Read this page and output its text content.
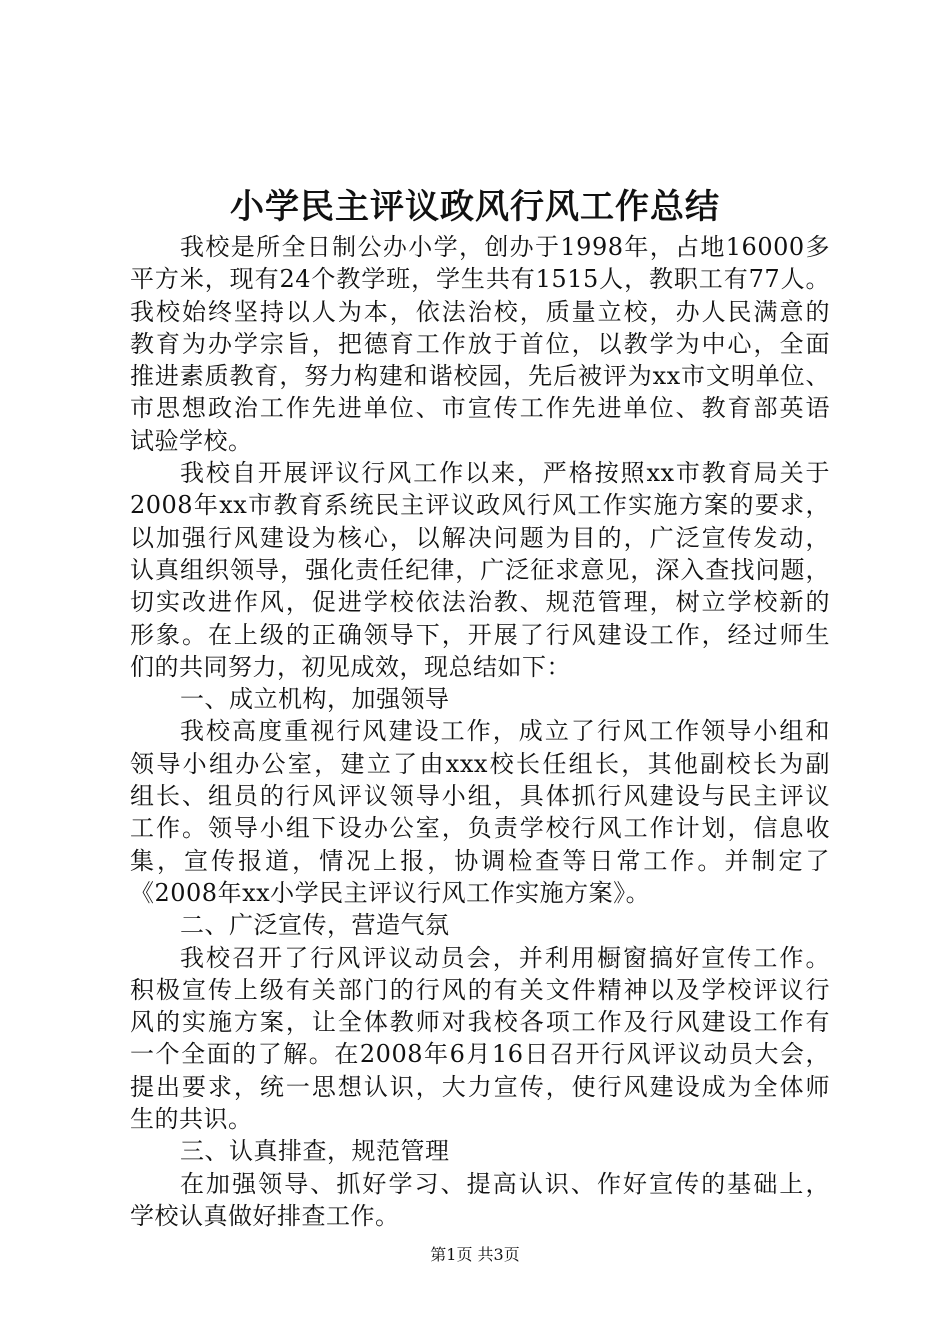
小学民主评议政风行风工作总结
我校是所全日制公办小学，创办于1998年，占地16000多
平方米，现有24个教学班，学生共有1515人，教职工有77人。
我校始终坚持以人为本，依法治校，质量立校，办人民满意的
教育为办学宗旨，把德育工作放于首位，以教学为中心，全面
推进素质教育，努力构建和谐校园，先后被评为xx市文明单位、
市思想政治工作先进单位、市宣传工作先进单位、教育部英语
试验学校。
我校自开展评议行风工作以来，严格按照xx市教育局关于
2008年xx市教育系统民主评议政风行风工作实施方案的要求，
以加强行风建设为核心，以解决问题为目的，广泛宣传发动，
认真组织领导，强化责任纪律，广泛征求意见，深入查找问题，
切实改进作风，促进学校依法治教、规范管理，树立学校新的
形象。在上级的正确领导下，开展了行风建设工作，经过师生
们的共同努力，初见成效，现总结如下：
一、成立机构，加强领导
我校高度重视行风建设工作，成立了行风工作领导小组和
领导小组办公室，建立了由xxx校长任组长，其他副校长为副
组长、组员的行风评议领导小组，具体抓行风建设与民主评议
工作。领导小组下设办公室，负责学校行风工作计划，信息收
集，宣传报道，情况上报，协调检查等日常工作。并制定了
《2008年xx小学民主评议行风工作实施方案》。
二、广泛宣传，营造气氛
我校召开了行风评议动员会，并利用橱窗搞好宣传工作。
积极宣传上级有关部门的行风的有关文件精神以及学校评议行
风的实施方案，让全体教师对我校各项工作及行风建设工作有
一个全面的了解。在2008年6月16日召开行风评议动员大会，
提出要求，统一思想认识，大力宣传，使行风建设成为全体师
生的共识。
三、认真排查，规范管理
在加强领导、抓好学习、提高认识、作好宣传的基础上，
学校认真做好排查工作。
第1页 共3页
